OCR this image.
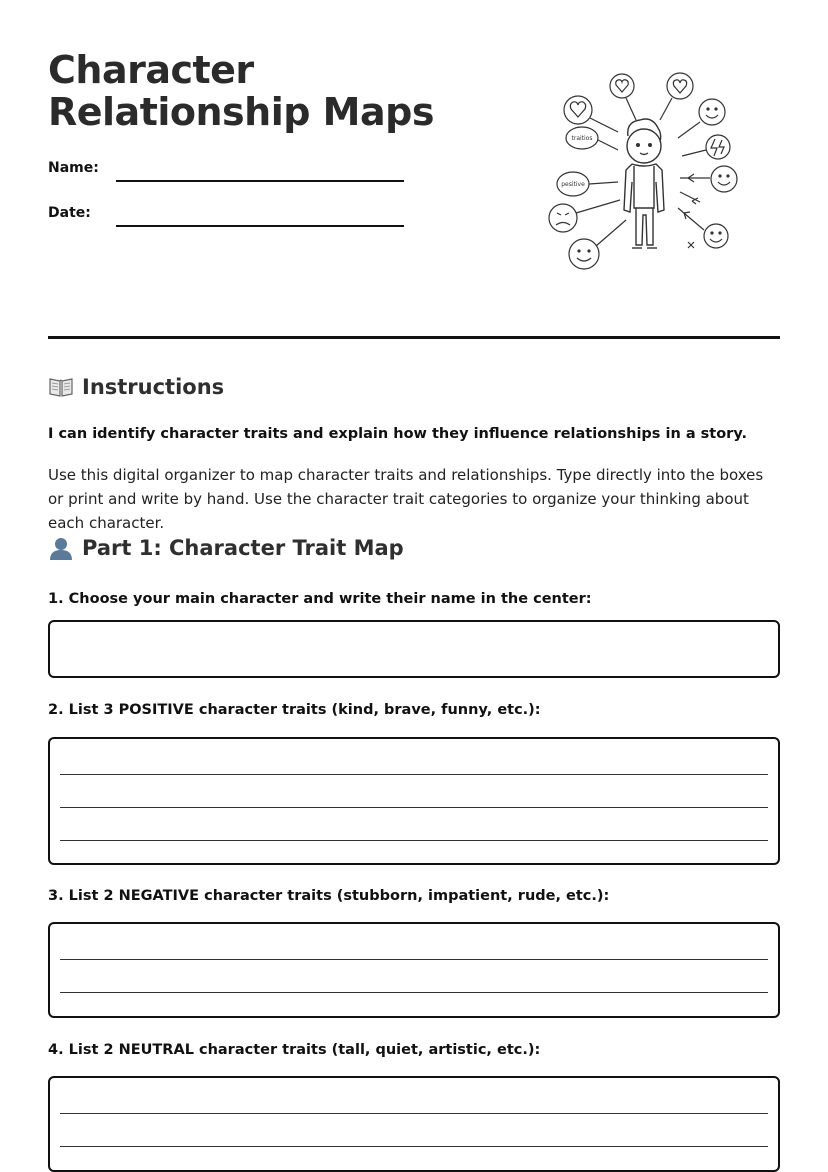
Character Relationship Maps
Name:
Date:
traitios
pesitive
Instructions
I can identify character traits and explain how they influence relationships in a story.

Use this digital organizer to map character traits and relationships. Type directly into the boxes or print and write by hand. Use the character trait categories to organize your thinking about each character.

Part 1: Character Trait Map
1. Choose your main character and write their name in the center:
2. List 3 POSITIVE character traits (kind, brave, funny, etc.):
3. List 2 NEGATIVE character traits (stubborn, impatient, rude, etc.):
4. List 2 NEUTRAL character traits (tall, quiet, artistic, etc.):
